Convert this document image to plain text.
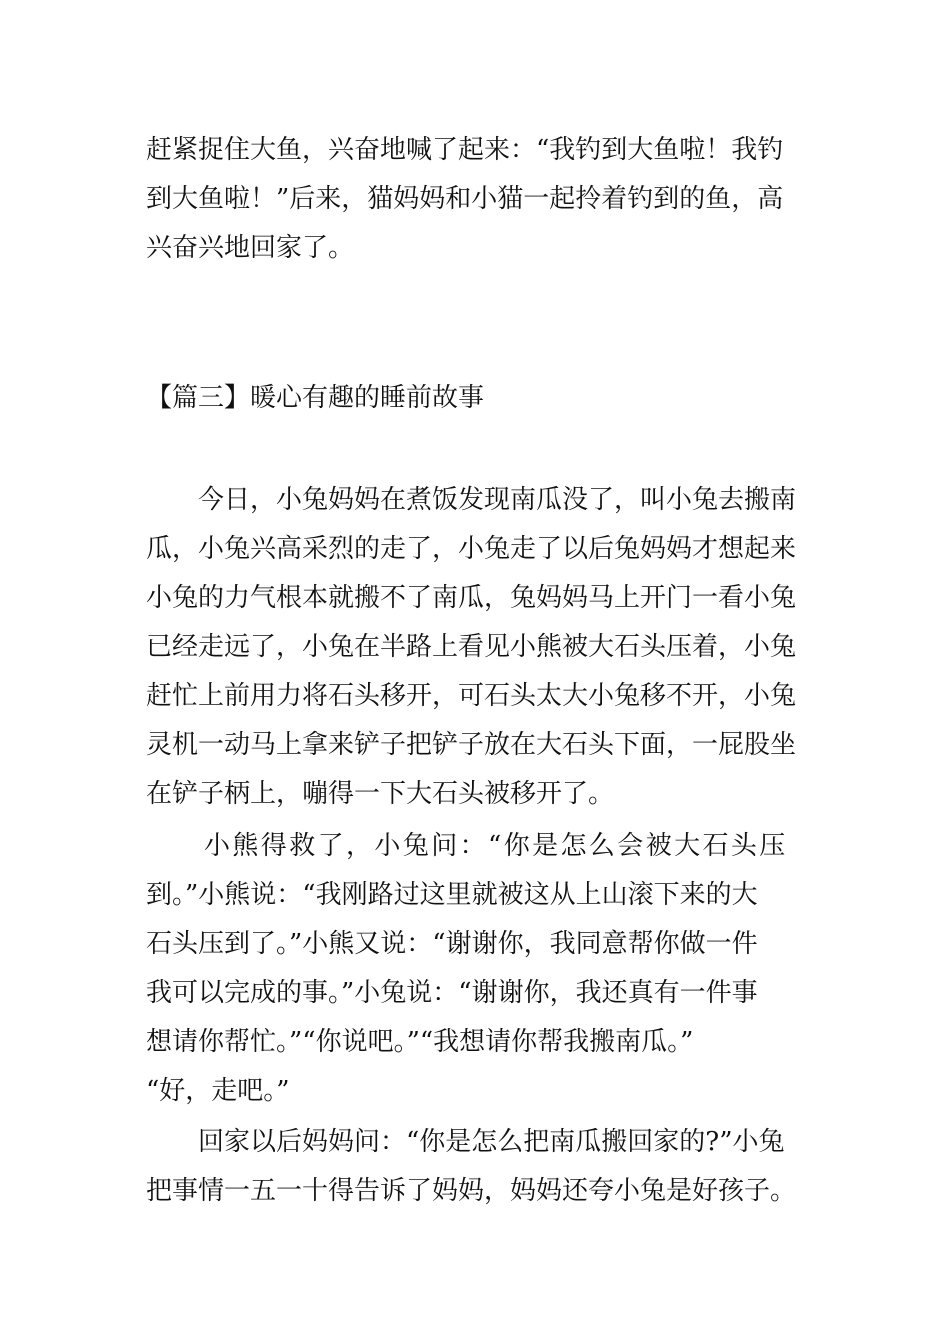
赶紧捉住大鱼，兴奋地喊了起来：“我钓到大鱼啦！我钓
到大鱼啦！”后来，猫妈妈和小猫一起拎着钓到的鱼，高
兴奋兴地回家了。
【篇三】暖心有趣的睡前故事
今日，小兔妈妈在煮饭发现南瓜没了，叫小兔去搬南
瓜，小兔兴高采烈的走了，小兔走了以后兔妈妈才想起来
小兔的力气根本就搬不了南瓜，兔妈妈马上开门一看小兔
已经走远了，小兔在半路上看见小熊被大石头压着，小兔
赶忙上前用力将石头移开，可石头太大小兔移不开，小兔
灵机一动马上拿来铲子把铲子放在大石头下面，一屁股坐
在铲子柄上，嘣得一下大石头被移开了。
小熊得救了，小兔问：“你是怎么会被大石头压
到。”小熊说：“我刚路过这里就被这从上山滚下来的大
石头压到了。”小熊又说：“谢谢你，我同意帮你做一件
我可以完成的事。”小兔说：“谢谢你，我还真有一件事
想请你帮忙。”“你说吧。”“我想请你帮我搬南瓜。”
“好，走吧。”
回家以后妈妈问：“你是怎么把南瓜搬回家的?”小兔
把事情一五一十得告诉了妈妈，妈妈还夸小兔是好孩子。
